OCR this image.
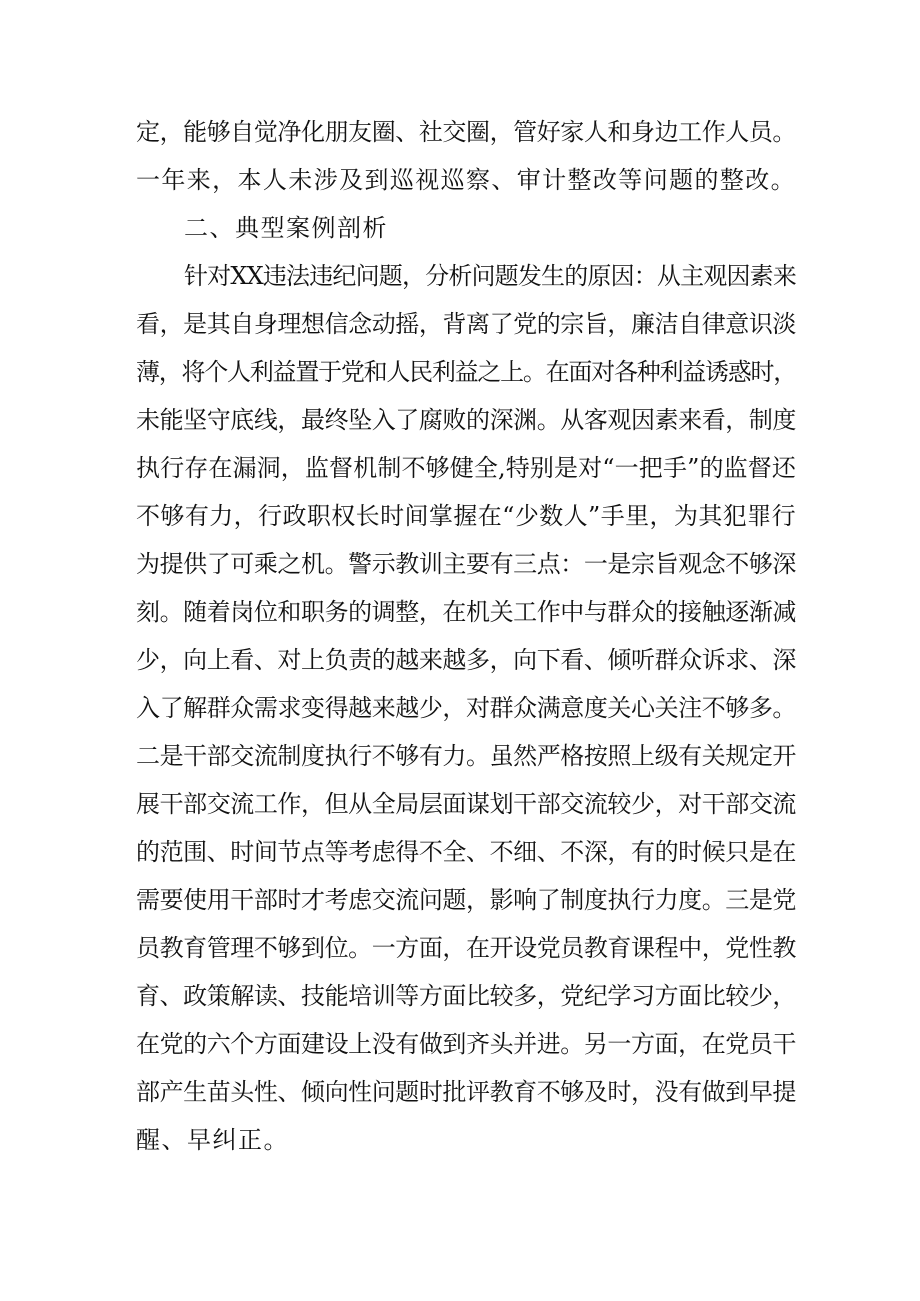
定，能够自觉净化朋友圈、社交圈，管好家人和身边工作人员。
一年来，本人未涉及到巡视巡察、审计整改等问题的整改。
二、典型案例剖析
针对XX违法违纪问题，分析问题发生的原因：从主观因素来
看，是其自身理想信念动摇，背离了党的宗旨，廉洁自律意识淡
薄，将个人利益置于党和人民利益之上。在面对各种利益诱惑时，
未能坚守底线，最终坠入了腐败的深渊。从客观因素来看，制度
执行存在漏洞，监督机制不够健全,特别是对“一把手”的监督还
不够有力，行政职权长时间掌握在“少数人”手里，为其犯罪行
为提供了可乘之机。警示教训主要有三点：一是宗旨观念不够深
刻。随着岗位和职务的调整，在机关工作中与群众的接触逐渐减
少，向上看、对上负责的越来越多，向下看、倾听群众诉求、深
入了解群众需求变得越来越少，对群众满意度关心关注不够多。
二是干部交流制度执行不够有力。虽然严格按照上级有关规定开
展干部交流工作，但从全局层面谋划干部交流较少，对干部交流
的范围、时间节点等考虑得不全、不细、不深，有的时候只是在
需要使用干部时才考虑交流问题，影响了制度执行力度。三是党
员教育管理不够到位。一方面，在开设党员教育课程中，党性教
育、政策解读、技能培训等方面比较多，党纪学习方面比较少，
在党的六个方面建设上没有做到齐头并进。另一方面，在党员干
部产生苗头性、倾向性问题时批评教育不够及时，没有做到早提
醒、早纠正。
